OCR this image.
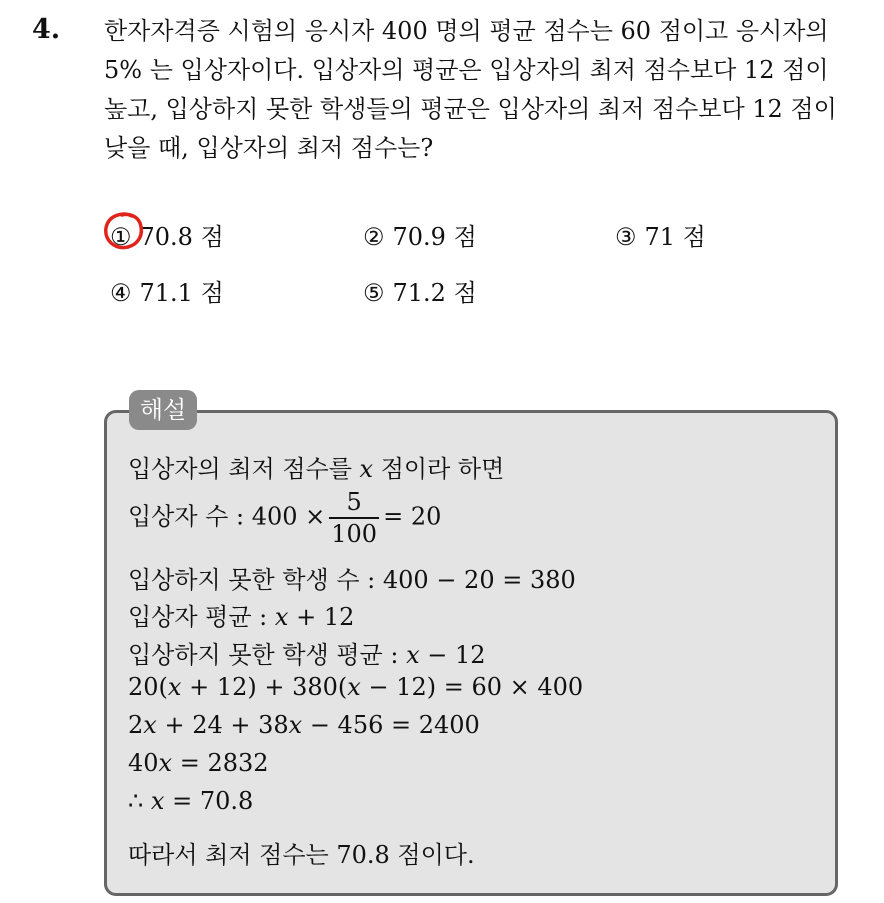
4. 한자자격증 시험의 응시자 400 명의 평균 점수는 60 점이고 응시자의
5% 는 입상자이다. 입상자의 평균은 입상자의 최저 점수보다 12 점이
높고, 입상하지 못한 학생들의 평균은 입상자의 최저 점수보다 12 점이
낮을 때, 입상자의 최저 점수는?
① 70.8 점	② 70.9 점	③ 71 점
④ 71.1 점	⑤ 71.2 점
해설
입상자의 최저 점수를 x 점이라 하면
입상자 수 : $400 \times \frac{5}{100} = 20$
입상하지 못한 학생 수 : 400 − 20 = 380
입상자 평균 : x + 12
입상하지 못한 학생 평균 : x − 12
20(x + 12) + 380(x − 12) = 60 × 400
2x + 24 + 38x − 456 = 2400
40x = 2832
∴ x = 70.8
따라서 최저 점수는 70.8 점이다.
